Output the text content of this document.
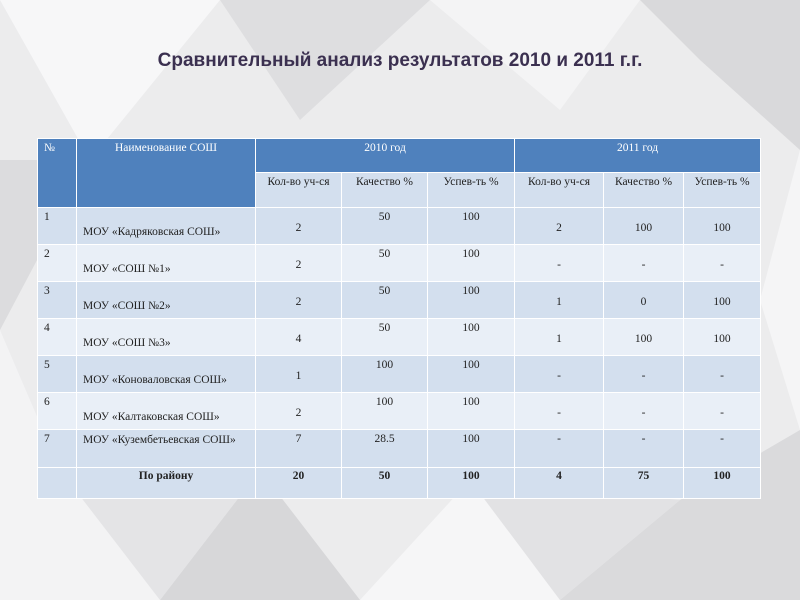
Сравнительный анализ результатов 2010 и 2011 г.г.
№	Наименование СОШ	2010 год			2011 год		
		Кол-во уч-ся	Качество %	Успев-ть %	Кол-во уч-ся	Качество %	Успев-ть %
1	МОУ «Кадряковская СОШ»	2	50	100	2	100	100
2	МОУ «СОШ №1»	2	50	100	-	-	-
3	МОУ «СОШ №2»	2	50	100	1	0	100
4	МОУ «СОШ №3»	4	50	100	1	100	100
5	МОУ «Коноваловская СОШ»	1	100	100	-	-	-
6	МОУ «Калтаковская СОШ»	2	100	100	-	-	-
7	МОУ «Кузембетьевская СОШ»	7	28.5	100	-	-	-
	По району	20	50	100	4	75	100
